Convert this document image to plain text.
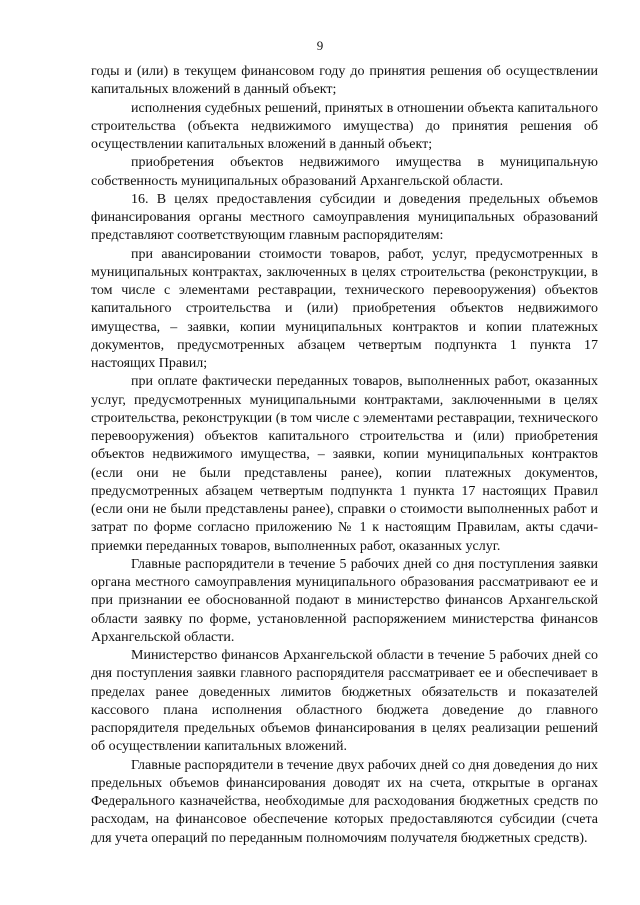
9

годы и (или) в текущем финансовом году до принятия решения об осуществлении капитальных вложений в данный объект;

исполнения судебных решений, принятых в отношении объекта капитального строительства (объекта недвижимого имущества) до принятия решения об осуществлении капитальных вложений в данный объект;

приобретения объектов недвижимого имущества в муниципальную собственность муниципальных образований Архангельской области.

16. В целях предоставления субсидии и доведения предельных объемов финансирования органы местного самоуправления муниципальных образований представляют соответствующим главным распорядителям:

при авансировании стоимости товаров, работ, услуг, предусмотренных в муниципальных контрактах, заключенных в целях строительства (реконструкции, в том числе с элементами реставрации, технического перевооружения) объектов капитального строительства и (или) приобретения объектов недвижимого имущества, – заявки, копии муниципальных контрактов и копии платежных документов, предусмотренных абзацем четвертым подпункта 1 пункта 17 настоящих Правил;

при оплате фактически переданных товаров, выполненных работ, оказанных услуг, предусмотренных муниципальными контрактами, заключенными в целях строительства, реконструкции (в том числе с элементами реставрации, технического перевооружения) объектов капитального строительства и (или) приобретения объектов недвижимого имущества, – заявки, копии муниципальных контрактов (если они не были представлены ранее), копии платежных документов, предусмотренных абзацем четвертым подпункта 1 пункта 17 настоящих Правил (если они не были представлены ранее), справки о стоимости выполненных работ и затрат по форме согласно приложению № 1 к настоящим Правилам, акты сдачи-приемки переданных товаров, выполненных работ, оказанных услуг.

Главные распорядители в течение 5 рабочих дней со дня поступления заявки органа местного самоуправления муниципального образования рассматривают ее и при признании ее обоснованной подают в министерство финансов Архангельской области заявку по форме, установленной распоряжением министерства финансов Архангельской области.

Министерство финансов Архангельской области в течение 5 рабочих дней со дня поступления заявки главного распорядителя рассматривает ее и обеспечивает в пределах ранее доведенных лимитов бюджетных обязательств и показателей кассового плана исполнения областного бюджета доведение до главного распорядителя предельных объемов финансирования в целях реализации решений об осуществлении капитальных вложений.

Главные распорядители в течение двух рабочих дней со дня доведения до них предельных объемов финансирования доводят их на счета, открытые в органах Федерального казначейства, необходимые для расходования бюджетных средств по расходам, на финансовое обеспечение которых предоставляются субсидии (счета для учета операций по переданным полномочиям получателя бюджетных средств).
